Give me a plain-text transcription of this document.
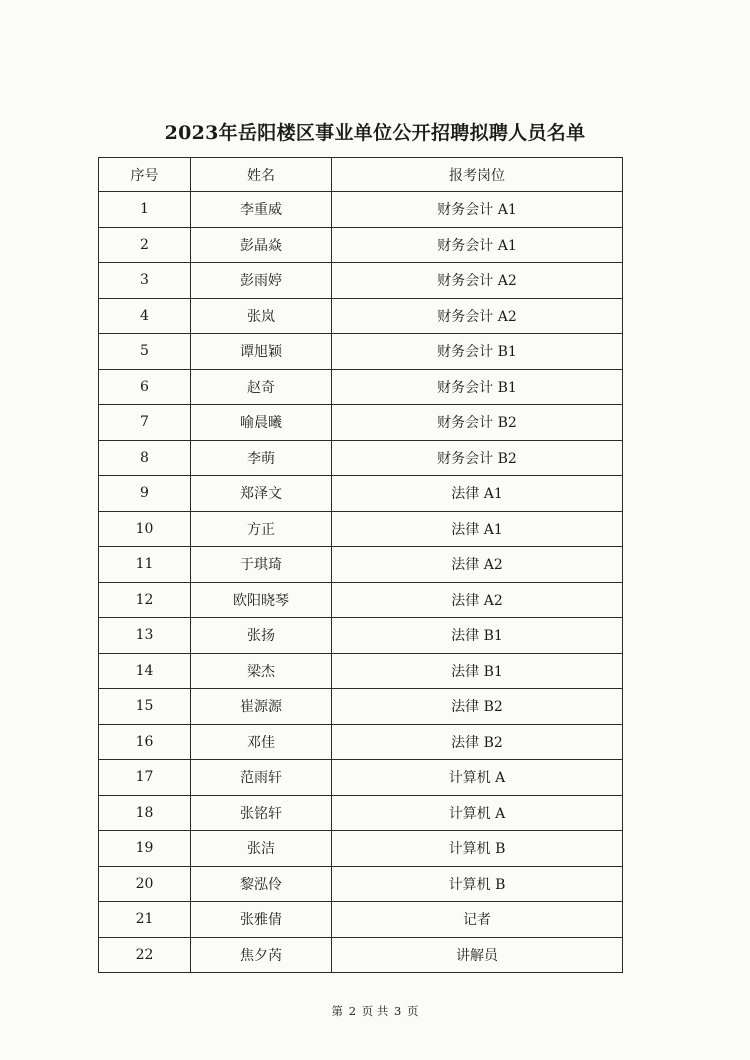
2023年岳阳楼区事业单位公开招聘拟聘人员名单
序号	姓名	报考岗位
1	李重威	财务会计 A1
2	彭晶焱	财务会计 A1
3	彭雨婷	财务会计 A2
4	张岚	财务会计 A2
5	谭旭颖	财务会计 B1
6	赵奇	财务会计 B1
7	喻晨曦	财务会计 B2
8	李萌	财务会计 B2
9	郑泽文	法律 A1
10	方正	法律 A1
11	于琪琦	法律 A2
12	欧阳晓琴	法律 A2
13	张扬	法律 B1
14	梁杰	法律 B1
15	崔源源	法律 B2
16	邓佳	法律 B2
17	范雨轩	计算机 A
18	张铭轩	计算机 A
19	张洁	计算机 B
20	黎泓伶	计算机 B
21	张雅倩	记者
22	焦夕芮	讲解员
第 2 页 共 3 页
